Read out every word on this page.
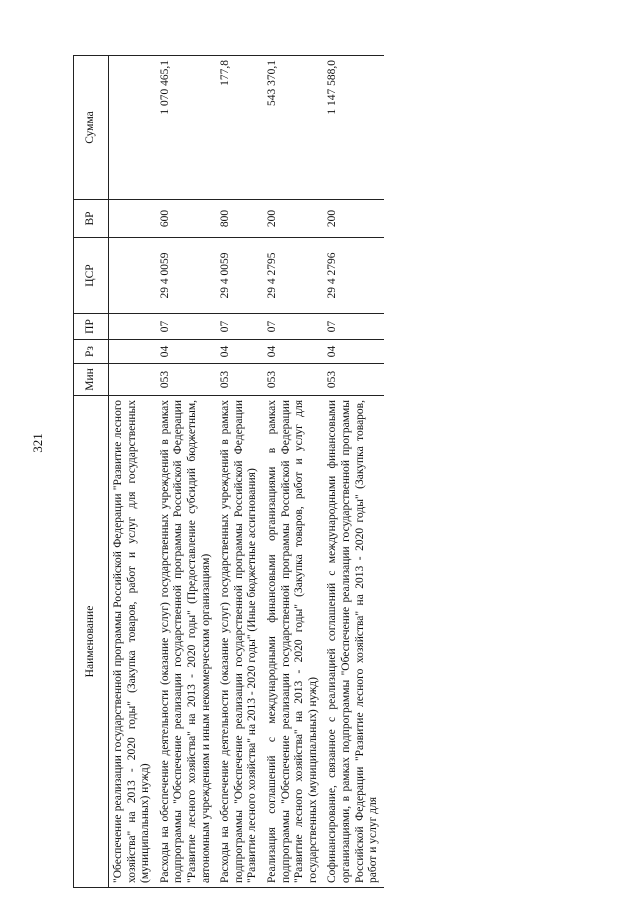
321
Наименование	Мин	Рз	ПР	ЦСР	ВР	Сумма
"Обеспечение реализации государственной программы Российской Федерации "Развитие лесного хозяйства" на 2013 - 2020 годы" (Закупка товаров, работ и услуг для государственных (муниципальных) нужд)						
Расходы на обеспечение деятельности (оказание услуг) государственных учреждений в рамках подпрограммы "Обеспечение реализации государственной программы Российской Федерации "Развитие лесного хозяйства" на 2013 - 2020 годы" (Предоставление субсидий бюджетным, автономным учреждениям и иным некоммерческим организациям)	053	04	07	29 4 0059	600	1 070 465,1
Расходы на обеспечение деятельности (оказание услуг) государственных учреждений в рамках подпрограммы "Обеспечение реализации государственной программы Российской Федерации "Развитие лесного хозяйства" на 2013 - 2020 годы" (Иные бюджетные ассигнования)	053	04	07	29 4 0059	800	177,8
Реализация соглашений с международными финансовыми организациями в рамках подпрограммы "Обеспечение реализации государственной программы Российской Федерации "Развитие лесного хозяйства" на 2013 - 2020 годы" (Закупка товаров, работ и услуг для государственных (муниципальных) нужд)	053	04	07	29 4 2795	200	543 370,1
Софинансирование, связанное с реализацией соглашений с международными финансовыми организациями, в рамках подпрограммы "Обеспечение реализации государственной программы Российской Федерации "Развитие лесного хозяйства" на 2013 - 2020 годы" (Закупка товаров, работ и услуг для	053	04	07	29 4 2796	200	1 147 588,0
